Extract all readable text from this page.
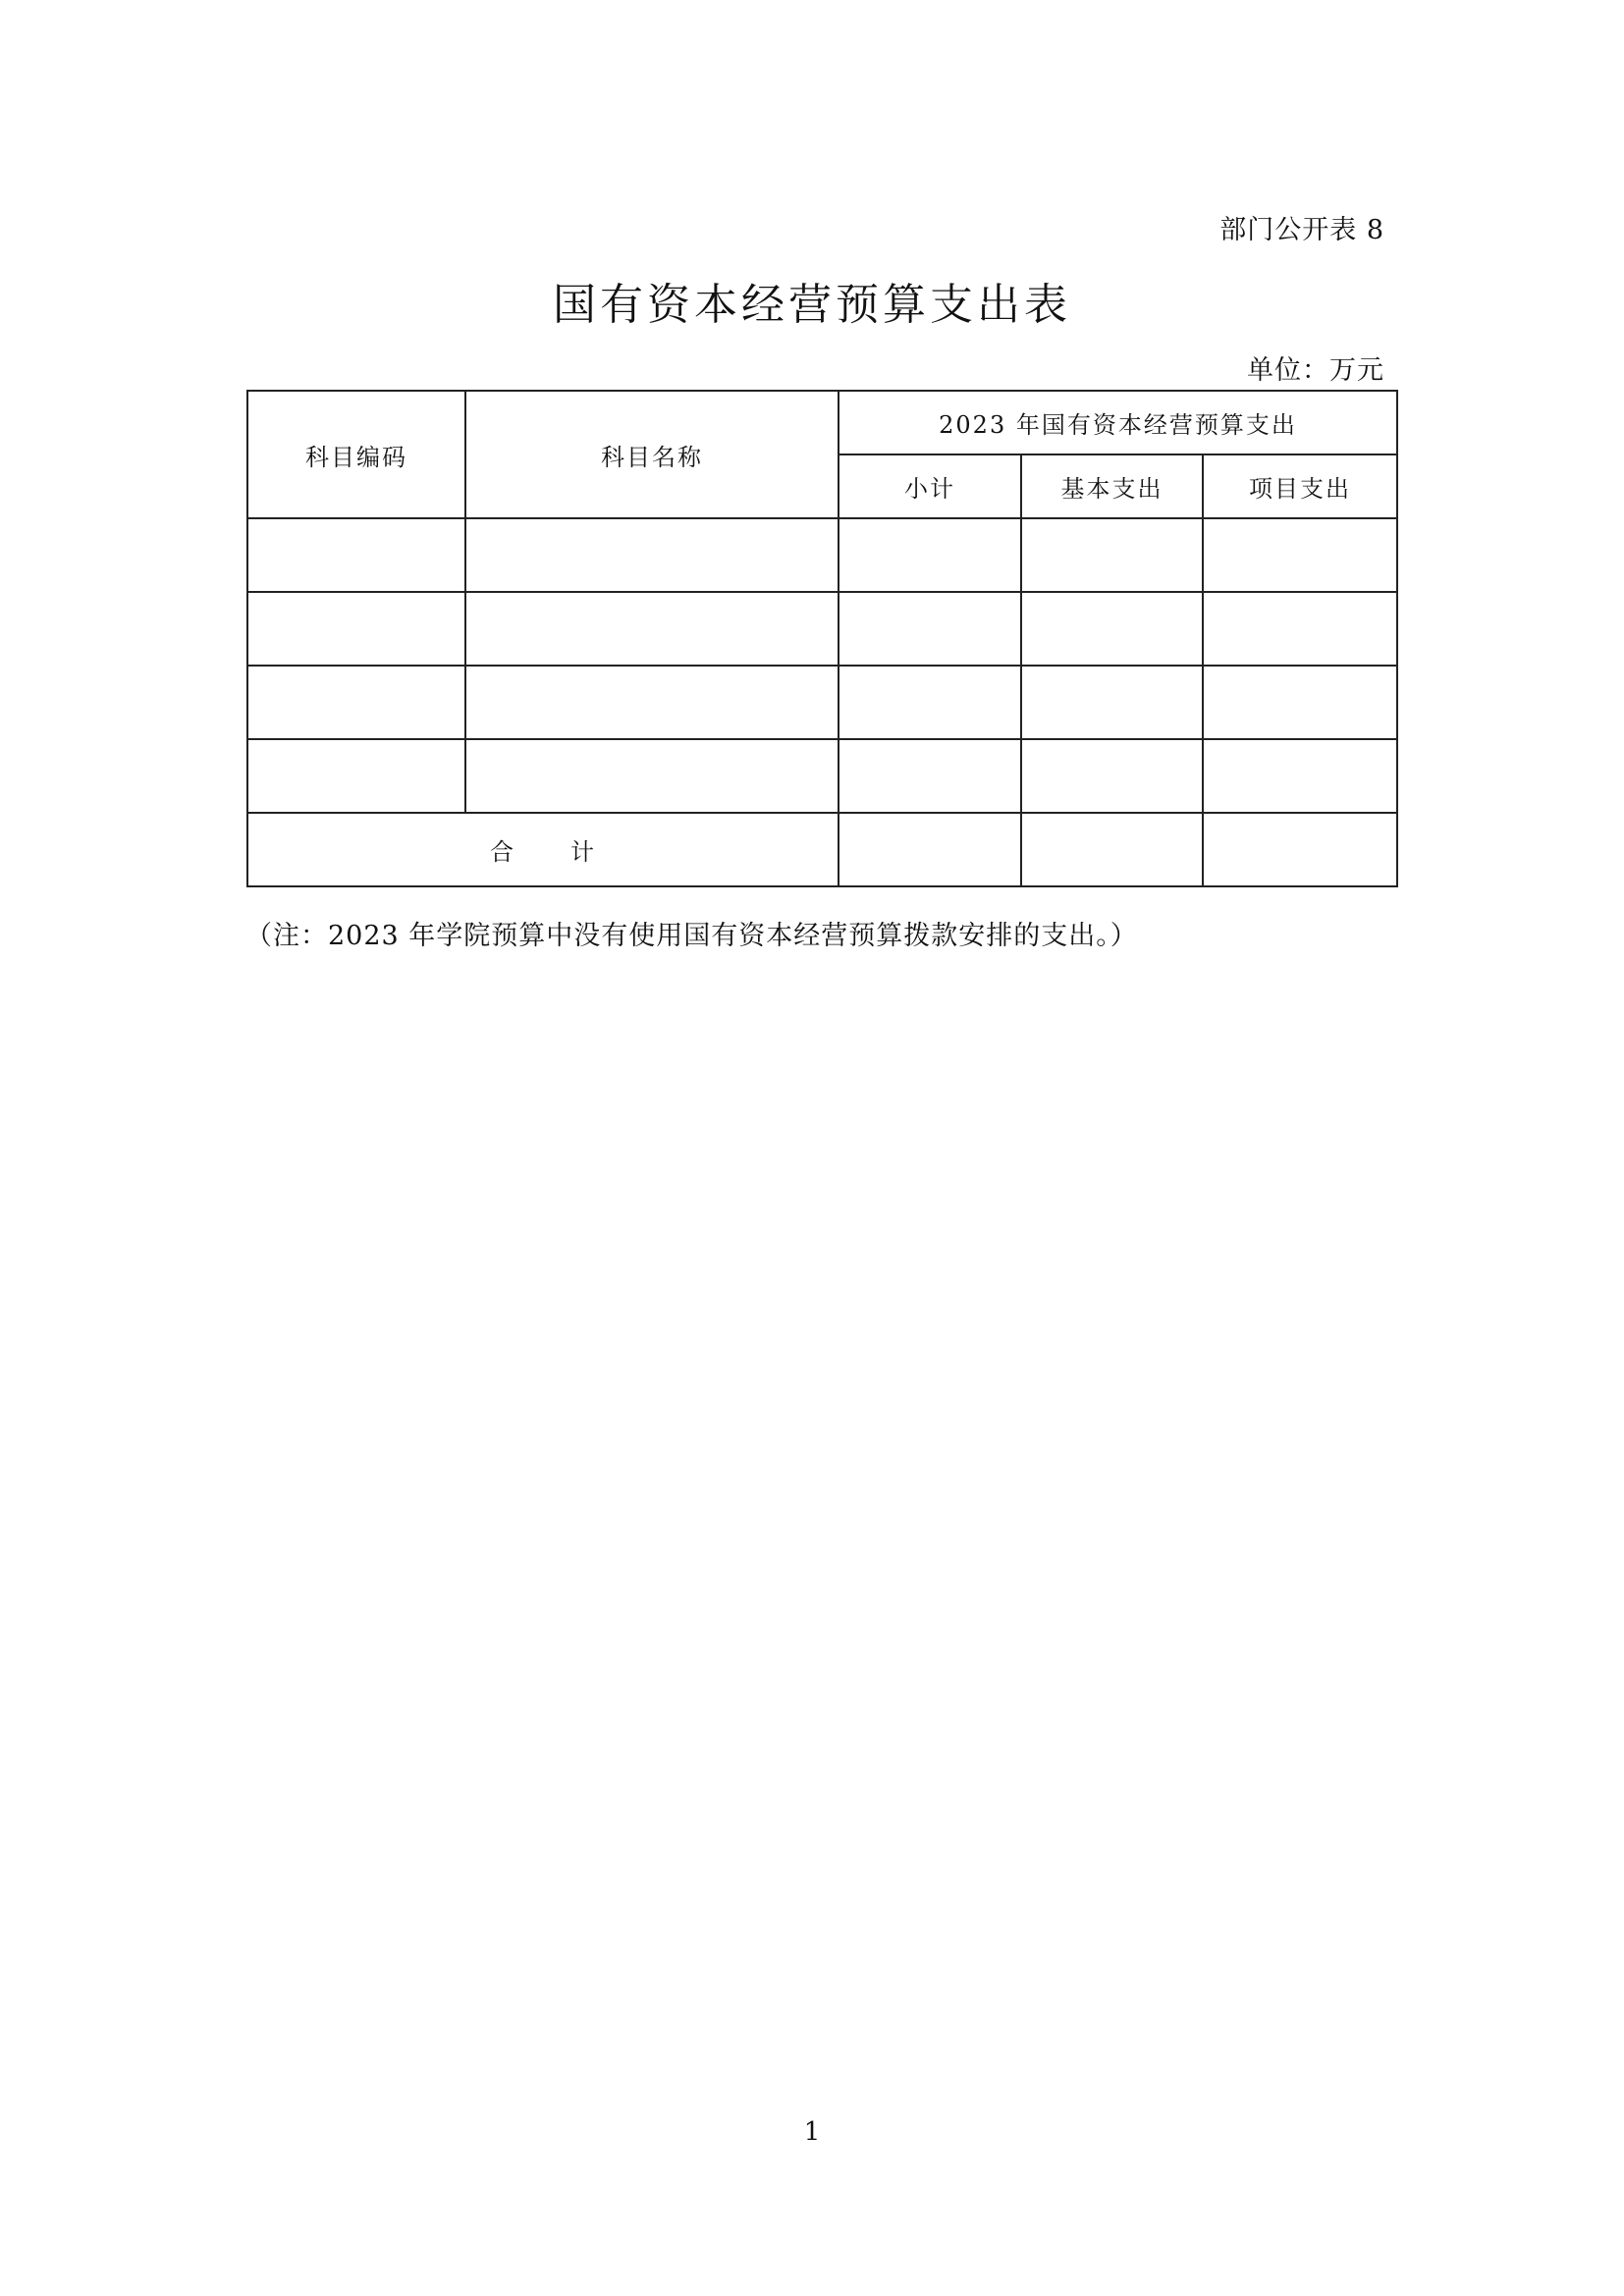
部门公开表 8
国有资本经营预算支出表
单位：万元
科目编码	科目名称	2023 年国有资本经营预算支出		
		小计	基本支出	项目支出

合 计				
（注：2023 年学院预算中没有使用国有资本经营预算拨款安排的支出。）
1
